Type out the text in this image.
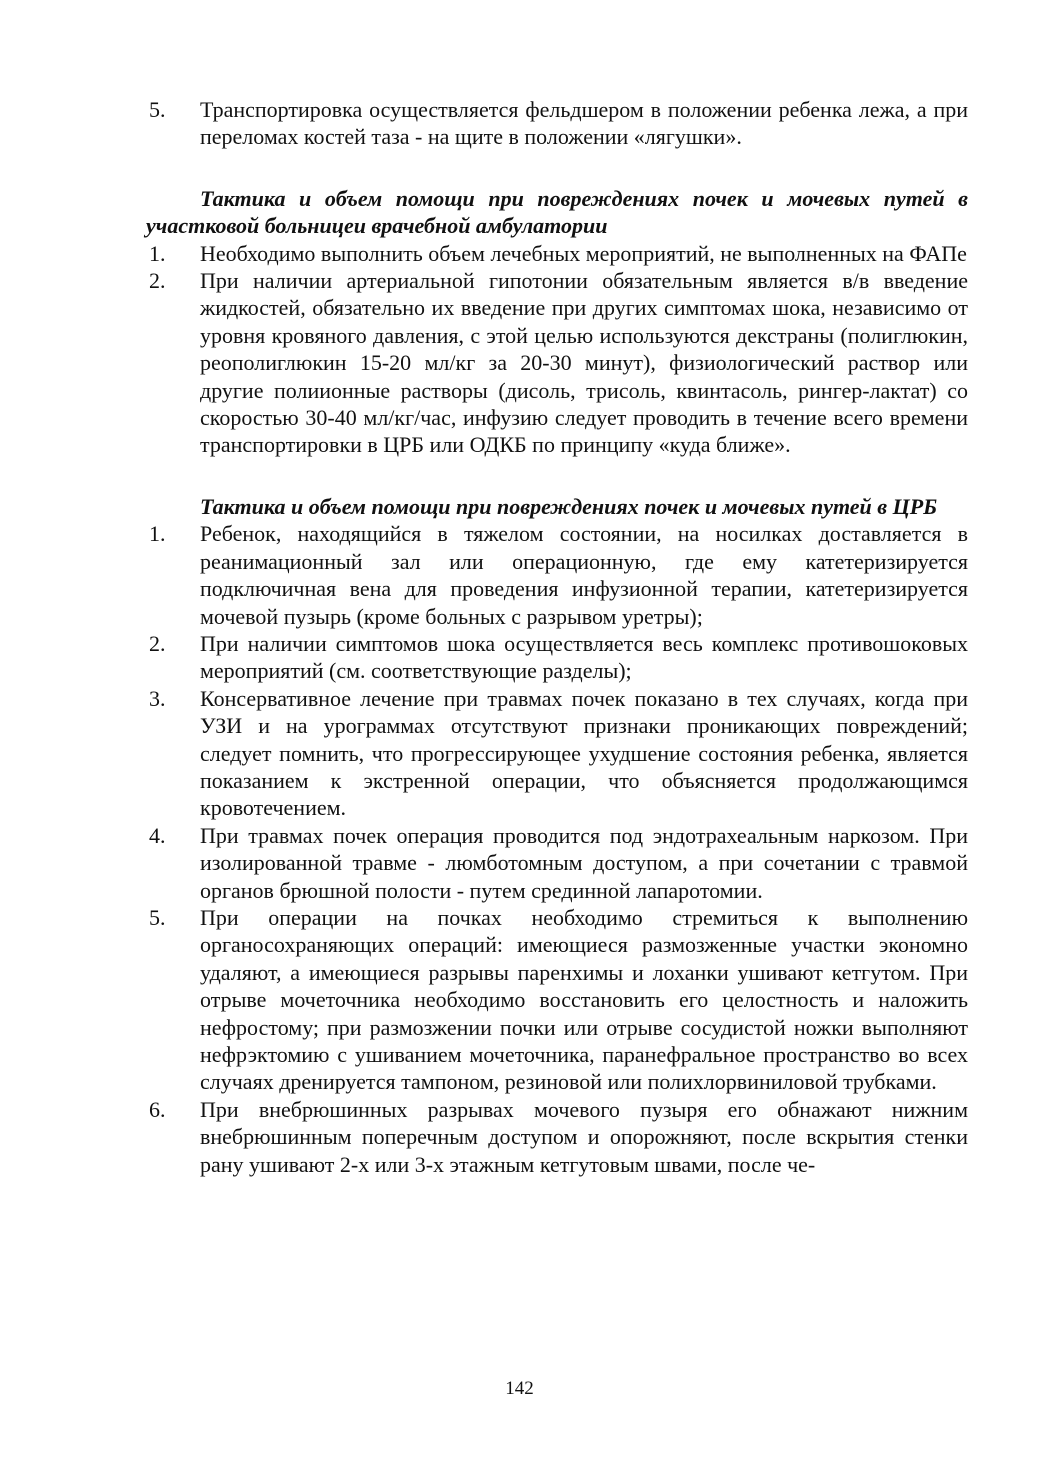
5. Транспортировка осуществляется фельдшером в положении ребенка лежа, а при переломах костей таза - на щите в положении «лягушки».

Тактика и объем помощи при повреждениях почек и мочевых путей в участковой больницеи врачебной амбулатории

1. Необходимо выполнить объем лечебных мероприятий, не выполненных на ФАПе
2. При наличии артериальной гипотонии обязательным является в/в введение жидкостей, обязательно их введение при других симптомах шока, независимо от уровня кровяного давления, с этой целью используются декстраны (полиглюкин, реополиглюкин 15-20 мл/кг за 20-30 минут), физиологический раствор или другие полиионные растворы (дисоль, трисоль, квинтасоль, рингер-лактат) со скоростью 30-40 мл/кг/час, инфузию следует проводить в течение всего времени транспортировки в ЦРБ или ОДКБ по принципу «куда ближе».

Тактика и объем помощи при повреждениях почек и мочевых путей в ЦРБ

1. Ребенок, находящийся в тяжелом состоянии, на носилках доставляется в реанимационный зал или операционную, где ему катетеризируется подключичная вена для проведения инфузионной терапии, катетеризируется мочевой пузырь (кроме больных с разрывом уретры);
2. При наличии симптомов шока осуществляется весь комплекс противошоковых мероприятий (см. соответствующие разделы);
3. Консервативное лечение при травмах почек показано в тех случаях, когда при УЗИ и на урограммах отсутствуют признаки проникающих повреждений; следует помнить, что прогрессирующее ухудшение состояния ребенка, является показанием к экстренной операции, что объясняется продолжающимся кровотечением.
4. При травмах почек операция проводится под эндотрахеальным наркозом. При изолированной травме - люмботомным доступом, а при сочетании с травмой органов брюшной полости - путем срединной лапаротомии.
5. При операции на почках необходимо стремиться к выполнению органосохраняющих операций: имеющиеся размозженные участки экономно удаляют, а имеющиеся разрывы паренхимы и лоханки ушивают кетгутом. При отрыве мочеточника необходимо восстановить его целостность и наложить нефростому; при размозжении почки или отрыве сосудистой ножки выполняют нефрэктомию с ушиванием мочеточника, паранефральное пространство во всех случаях дренируется тампоном, резиновой или полихлорвиниловой трубками.
6. При внебрюшинных разрывах мочевого пузыря его обнажают нижним внебрюшинным поперечным доступом и опорожняют, после вскрытия стенки рану ушивают 2-х или 3-х этажным кетгутовым швами, после че-
142
